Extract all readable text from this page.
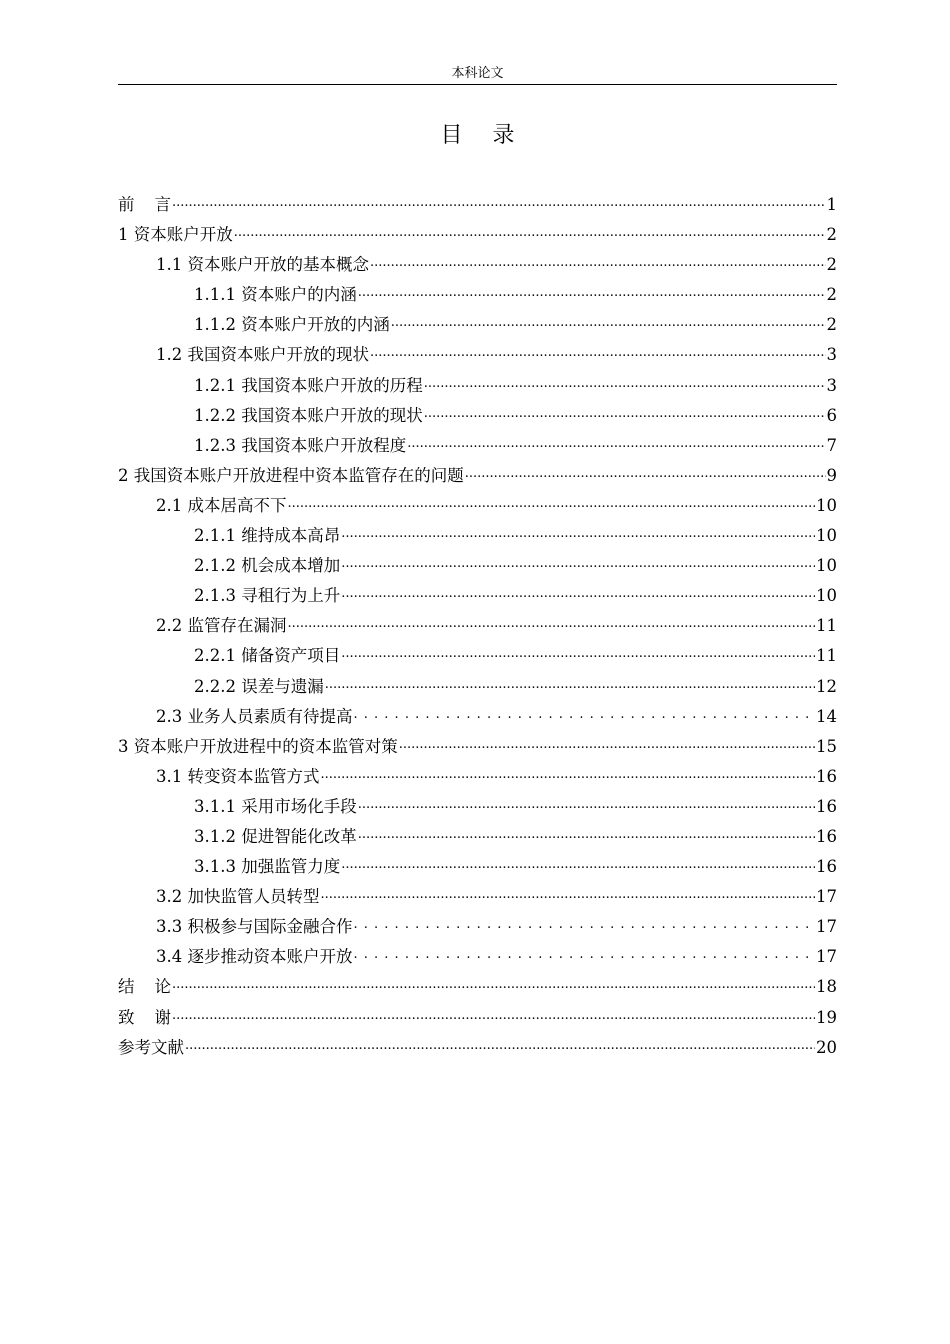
本科论文
目录
前言 .....	1
1 资本账户开放 .....	2
1.1 资本账户开放的基本概念 .....	2
1.1.1 资本账户的内涵 .....	2
1.1.2 资本账户开放的内涵 .....	2
1.2 我国资本账户开放的现状 .....	3
1.2.1 我国资本账户开放的历程 .....	3
1.2.2 我国资本账户开放的现状 .....	6
1.2.3 我国资本账户开放程度 .....	7
2 我国资本账户开放进程中资本监管存在的问题 .....	9
2.1 成本居高不下 .....	10
2.1.1 维持成本高昂 .....	10
2.1.2 机会成本增加 .....	10
2.1.3 寻租行为上升 .....	10
2.2 监管存在漏洞 .....	11
2.2.1 储备资产项目 .....	11
2.2.2 误差与遗漏 .....	12
2.3 业务人员素质有待提高 . . .	14
3 资本账户开放进程中的资本监管对策 .....	15
3.1 转变资本监管方式 .....	16
3.1.1 采用市场化手段 .....	16
3.1.2 促进智能化改革 .....	16
3.1.3 加强监管力度 .....	16
3.2 加快监管人员转型 .....	17
3.3 积极参与国际金融合作 . . .	17
3.4 逐步推动资本账户开放 . . .	17
结论 .....	18
致谢 .....	19
参考文献 .....	20
